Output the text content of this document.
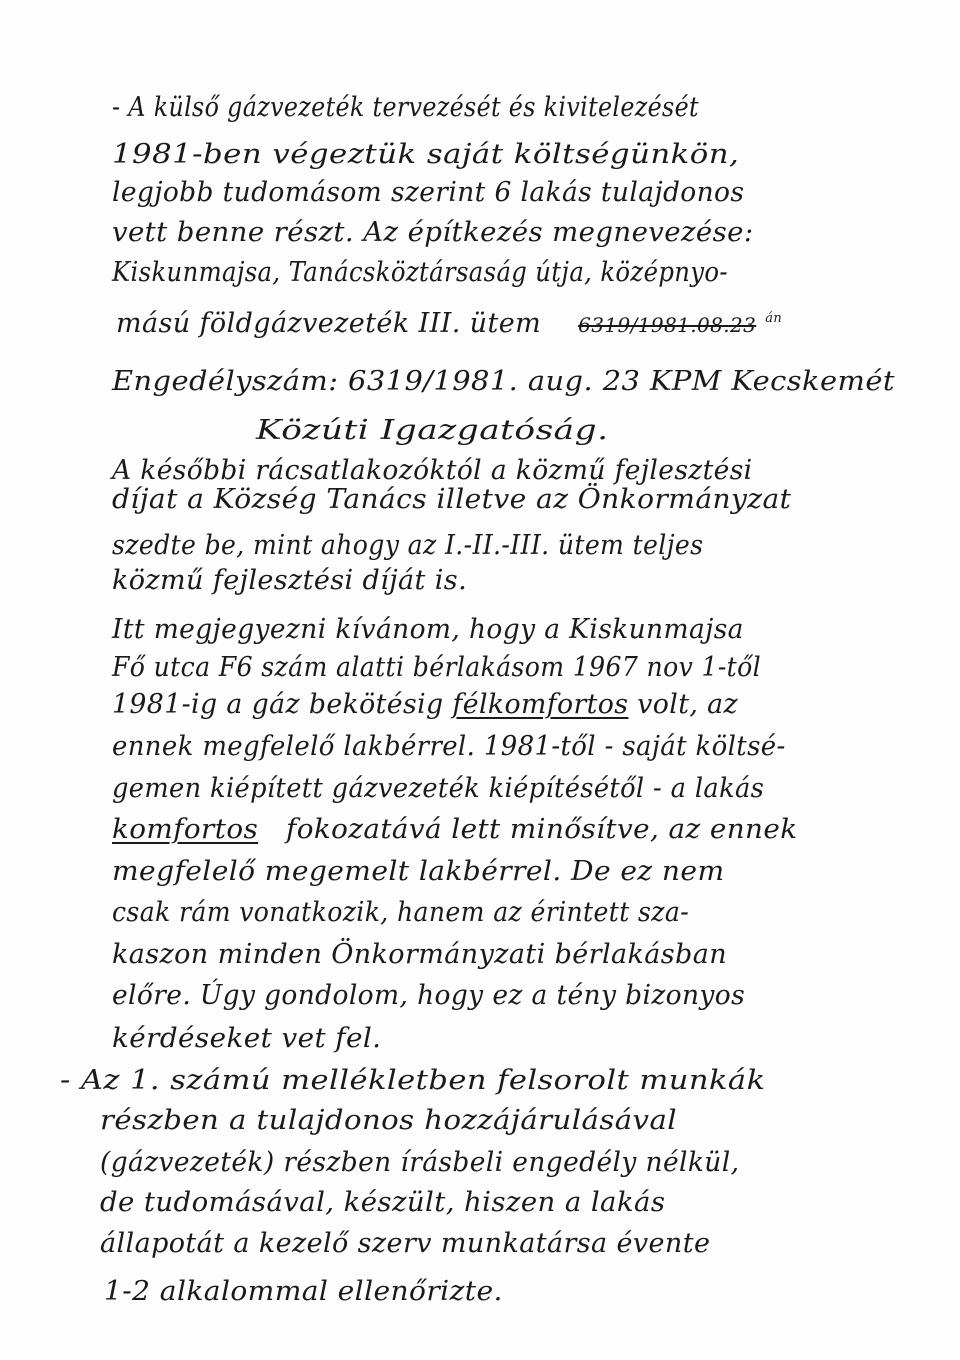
- A külső gázvezeték tervezését és kivitelezését
1981-ben végeztük saját költségünkön,
legjobb tudomásom szerint 6 lakás tulajdonos
vett benne részt. Az építkezés megnevezése:
Kiskunmajsa, Tanácsköztársaság útja, középnyo-
mású földgázvezeték III. ütem 6319/1981.08.23 $^{án}$
Engedélyszám: 6319/1981. aug. 23 KPM Kecskemét
Közúti Igazgatóság.
A későbbi rácsatlakozóktól a közmű fejlesztési
díjat a Község Tanács illetve az Önkormányzat
szedte be, mint ahogy az I.-II.-III. ütem teljes
közmű fejlesztési díját is.
Itt megjegyezni kívánom, hogy a Kiskunmajsa
Fő utca F6 szám alatti bérlakásom 1967 nov 1-től
1981-ig a gáz bekötésig félkomfortos volt, az
ennek megfelelő lakbérrel. 1981-től - saját költsé-
gemen kiépített gázvezeték kiépítésétől - a lakás
komfortos fokozatává lett minősítve, az ennek
megfelelő megemelt lakbérrel. De ez nem
csak rám vonatkozik, hanem az érintett sza-
kaszon minden Önkormányzati bérlakásban
előre. Úgy gondolom, hogy ez a tény bizonyos
kérdéseket vet fel.
- Az 1. számú mellékletben felsorolt munkák
részben a tulajdonos hozzájárulásával
(gázvezeték) részben írásbeli engedély nélkül,
de tudomásával, készült, hiszen a lakás
állapotát a kezelő szerv munkatársa évente
1-2 alkalommal ellenőrizte.
